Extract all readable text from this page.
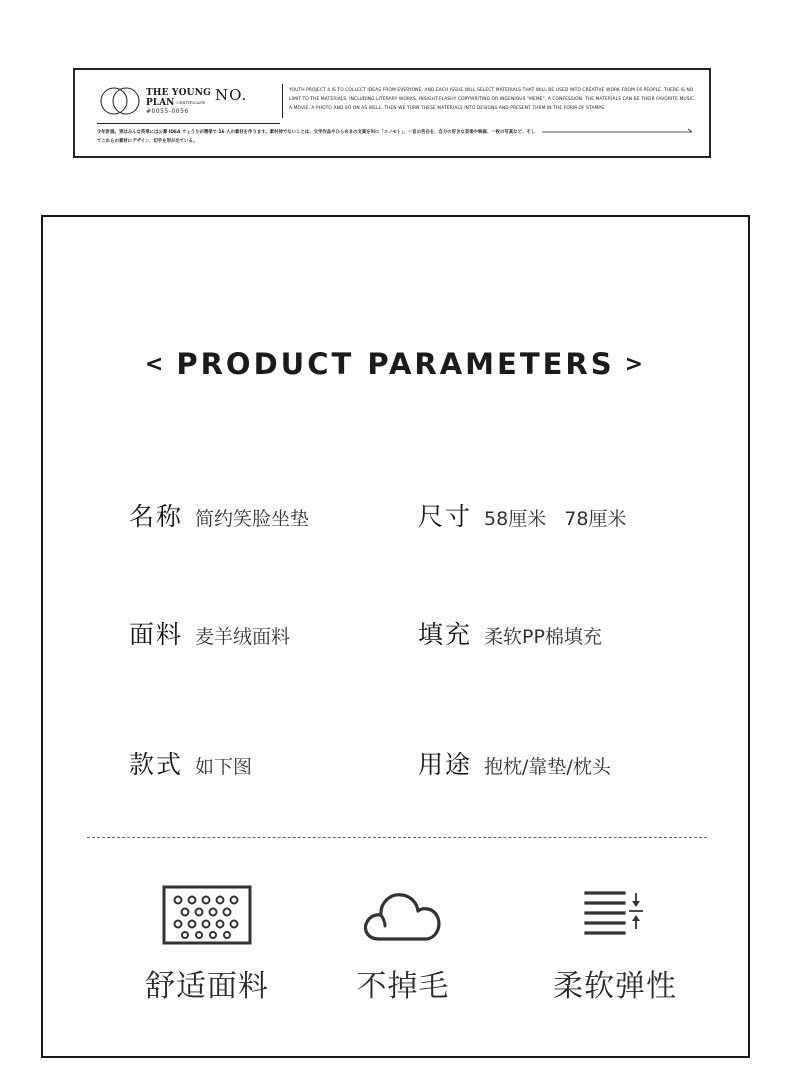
THE YOUNG
PLAN CERTIFICATE
#0055-0056
NO.	YOUTH PROJECT 4 IS TO COLLECT IDEAS FROM EVERYONE, AND EACH ISSUE WILL SELECT MATERIALS THAT WILL BE USED INTO CREATIVE WORK FROM 16 PEOPLE. THERE IS NO LIMIT TO THE MATERIALS, INCLUDING LITERARY WORKS, INSIGHT-FLASHY COPYWRITING OR INGENIOUS "MEME", A CONFESSION. THE MATERIALS CAN BE THEIR FAVORITE MUSIC, A MOVIE, A PHOTO AND SO ON AS WELL. THEN WE TURN THESE MATERIALS INTO DESIGNS AND PRESENT THEM IN THE FORM OF STAMPS.
少年計画。実はみんな英単には公募 IDEA ウょうりが選挙で 16 人の素材を作ります。素材持でないことは、文学作品やひらめきの文案を叫に「エノモト」、一言の告白を、自分の好きな音楽や映画、一枚の写真など、そしてこれらの素材にデザイン、切手を形が出ている。
< PRODUCT PARAMETERS >
名称 简约笑脸坐垫	尺寸 58厘米   78厘米
面料 麦羊绒面料	填充 柔软PP棉填充
款式 如下图	用途 抱枕/靠垫/枕头
舒适面料	不掉毛	柔软弹性
